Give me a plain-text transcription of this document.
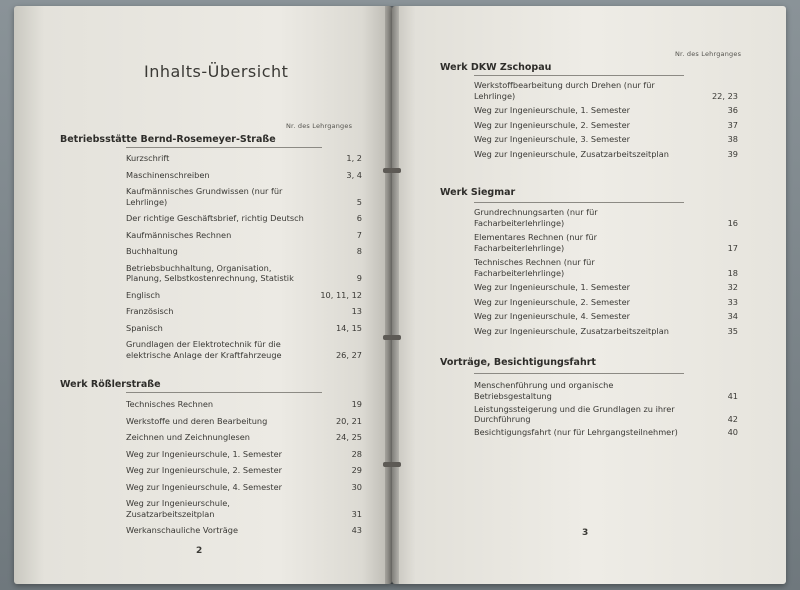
Inhalts-Übersicht
Nr. des Lehrganges
Betriebsstätte Bernd-Rosemeyer-Straße
Kurzschrift	1, 2
Maschinenschreiben	3, 4
Kaufmännisches Grundwissen (nur für Lehrlinge)	5
Der richtige Geschäftsbrief, richtig Deutsch	6
Kaufmännisches Rechnen	7
Buchhaltung	8
Betriebsbuchhaltung, Organisation, Planung, Selbstkostenrechnung, Statistik	9
Englisch	10, 11, 12
Französisch	13
Spanisch	14, 15
Grundlagen der Elektrotechnik für die elektrische Anlage der Kraftfahrzeuge	26, 27
Werk Rößlerstraße
Technisches Rechnen	19
Werkstoffe und deren Bearbeitung	20, 21
Zeichnen und Zeichnunglesen	24, 25
Weg zur Ingenieurschule, 1. Semester	28
Weg zur Ingenieurschule, 2. Semester	29
Weg zur Ingenieurschule, 4. Semester	30
Weg zur Ingenieurschule, Zusatzarbeitszeitplan	31
Werkanschauliche Vorträge	43
2
Nr. des Lehrganges
Werk DKW Zschopau
Werkstoffbearbeitung durch Drehen (nur für Lehrlinge)	22, 23
Weg zur Ingenieurschule, 1. Semester	36
Weg zur Ingenieurschule, 2. Semester	37
Weg zur Ingenieurschule, 3. Semester	38
Weg zur Ingenieurschule, Zusatzarbeitszeitplan	39
Werk Siegmar
Grundrechnungsarten (nur für Facharbeiterlehrlinge)	16
Elementares Rechnen (nur für Facharbeiterlehrlinge)	17
Technisches Rechnen (nur für Facharbeiterlehrlinge)	18
Weg zur Ingenieurschule, 1. Semester	32
Weg zur Ingenieurschule, 2. Semester	33
Weg zur Ingenieurschule, 4. Semester	34
Weg zur Ingenieurschule, Zusatzarbeitszeitplan	35
Vorträge, Besichtigungsfahrt
Menschenführung und organische Betriebsgestaltung	41
Leistungssteigerung und die Grundlagen zu ihrer Durchführung	42
Besichtigungsfahrt (nur für Lehrgangsteilnehmer)	40
3
